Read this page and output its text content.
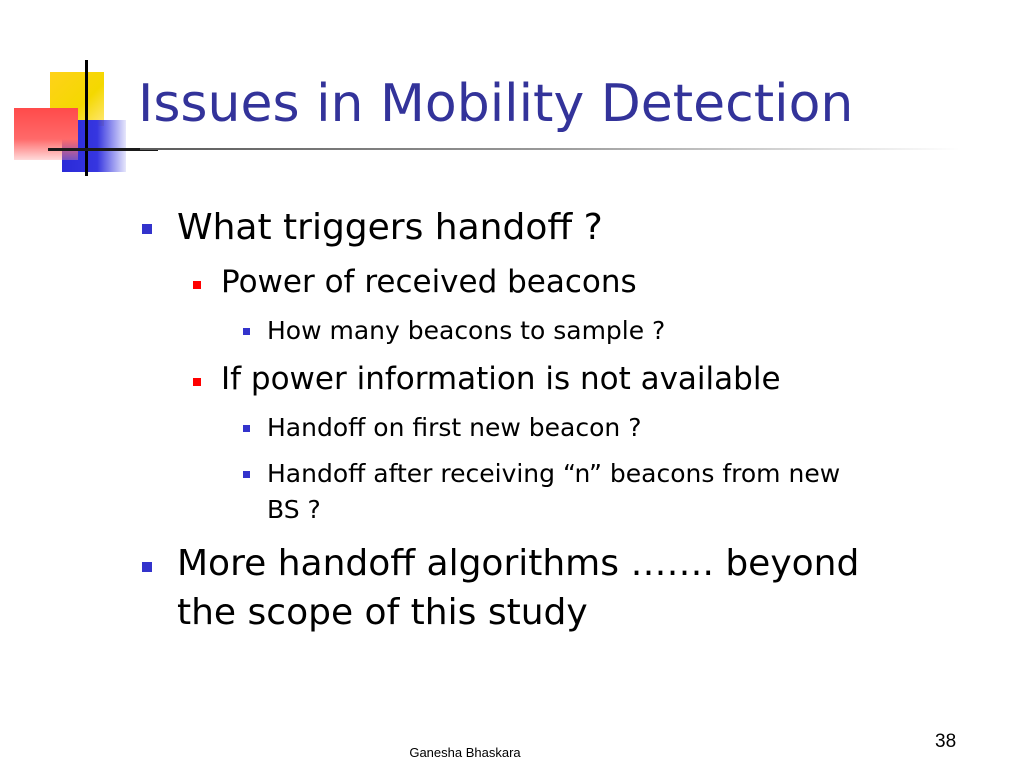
Issues in Mobility Detection
What triggers handoff ?
Power of received beacons
How many beacons to sample ?
If power information is not available
Handoff on first new beacon ?
Handoff after receiving “n” beacons from new
BS ?
More handoff algorithms ……. beyond
the scope of this study
Ganesha Bhaskara
38
